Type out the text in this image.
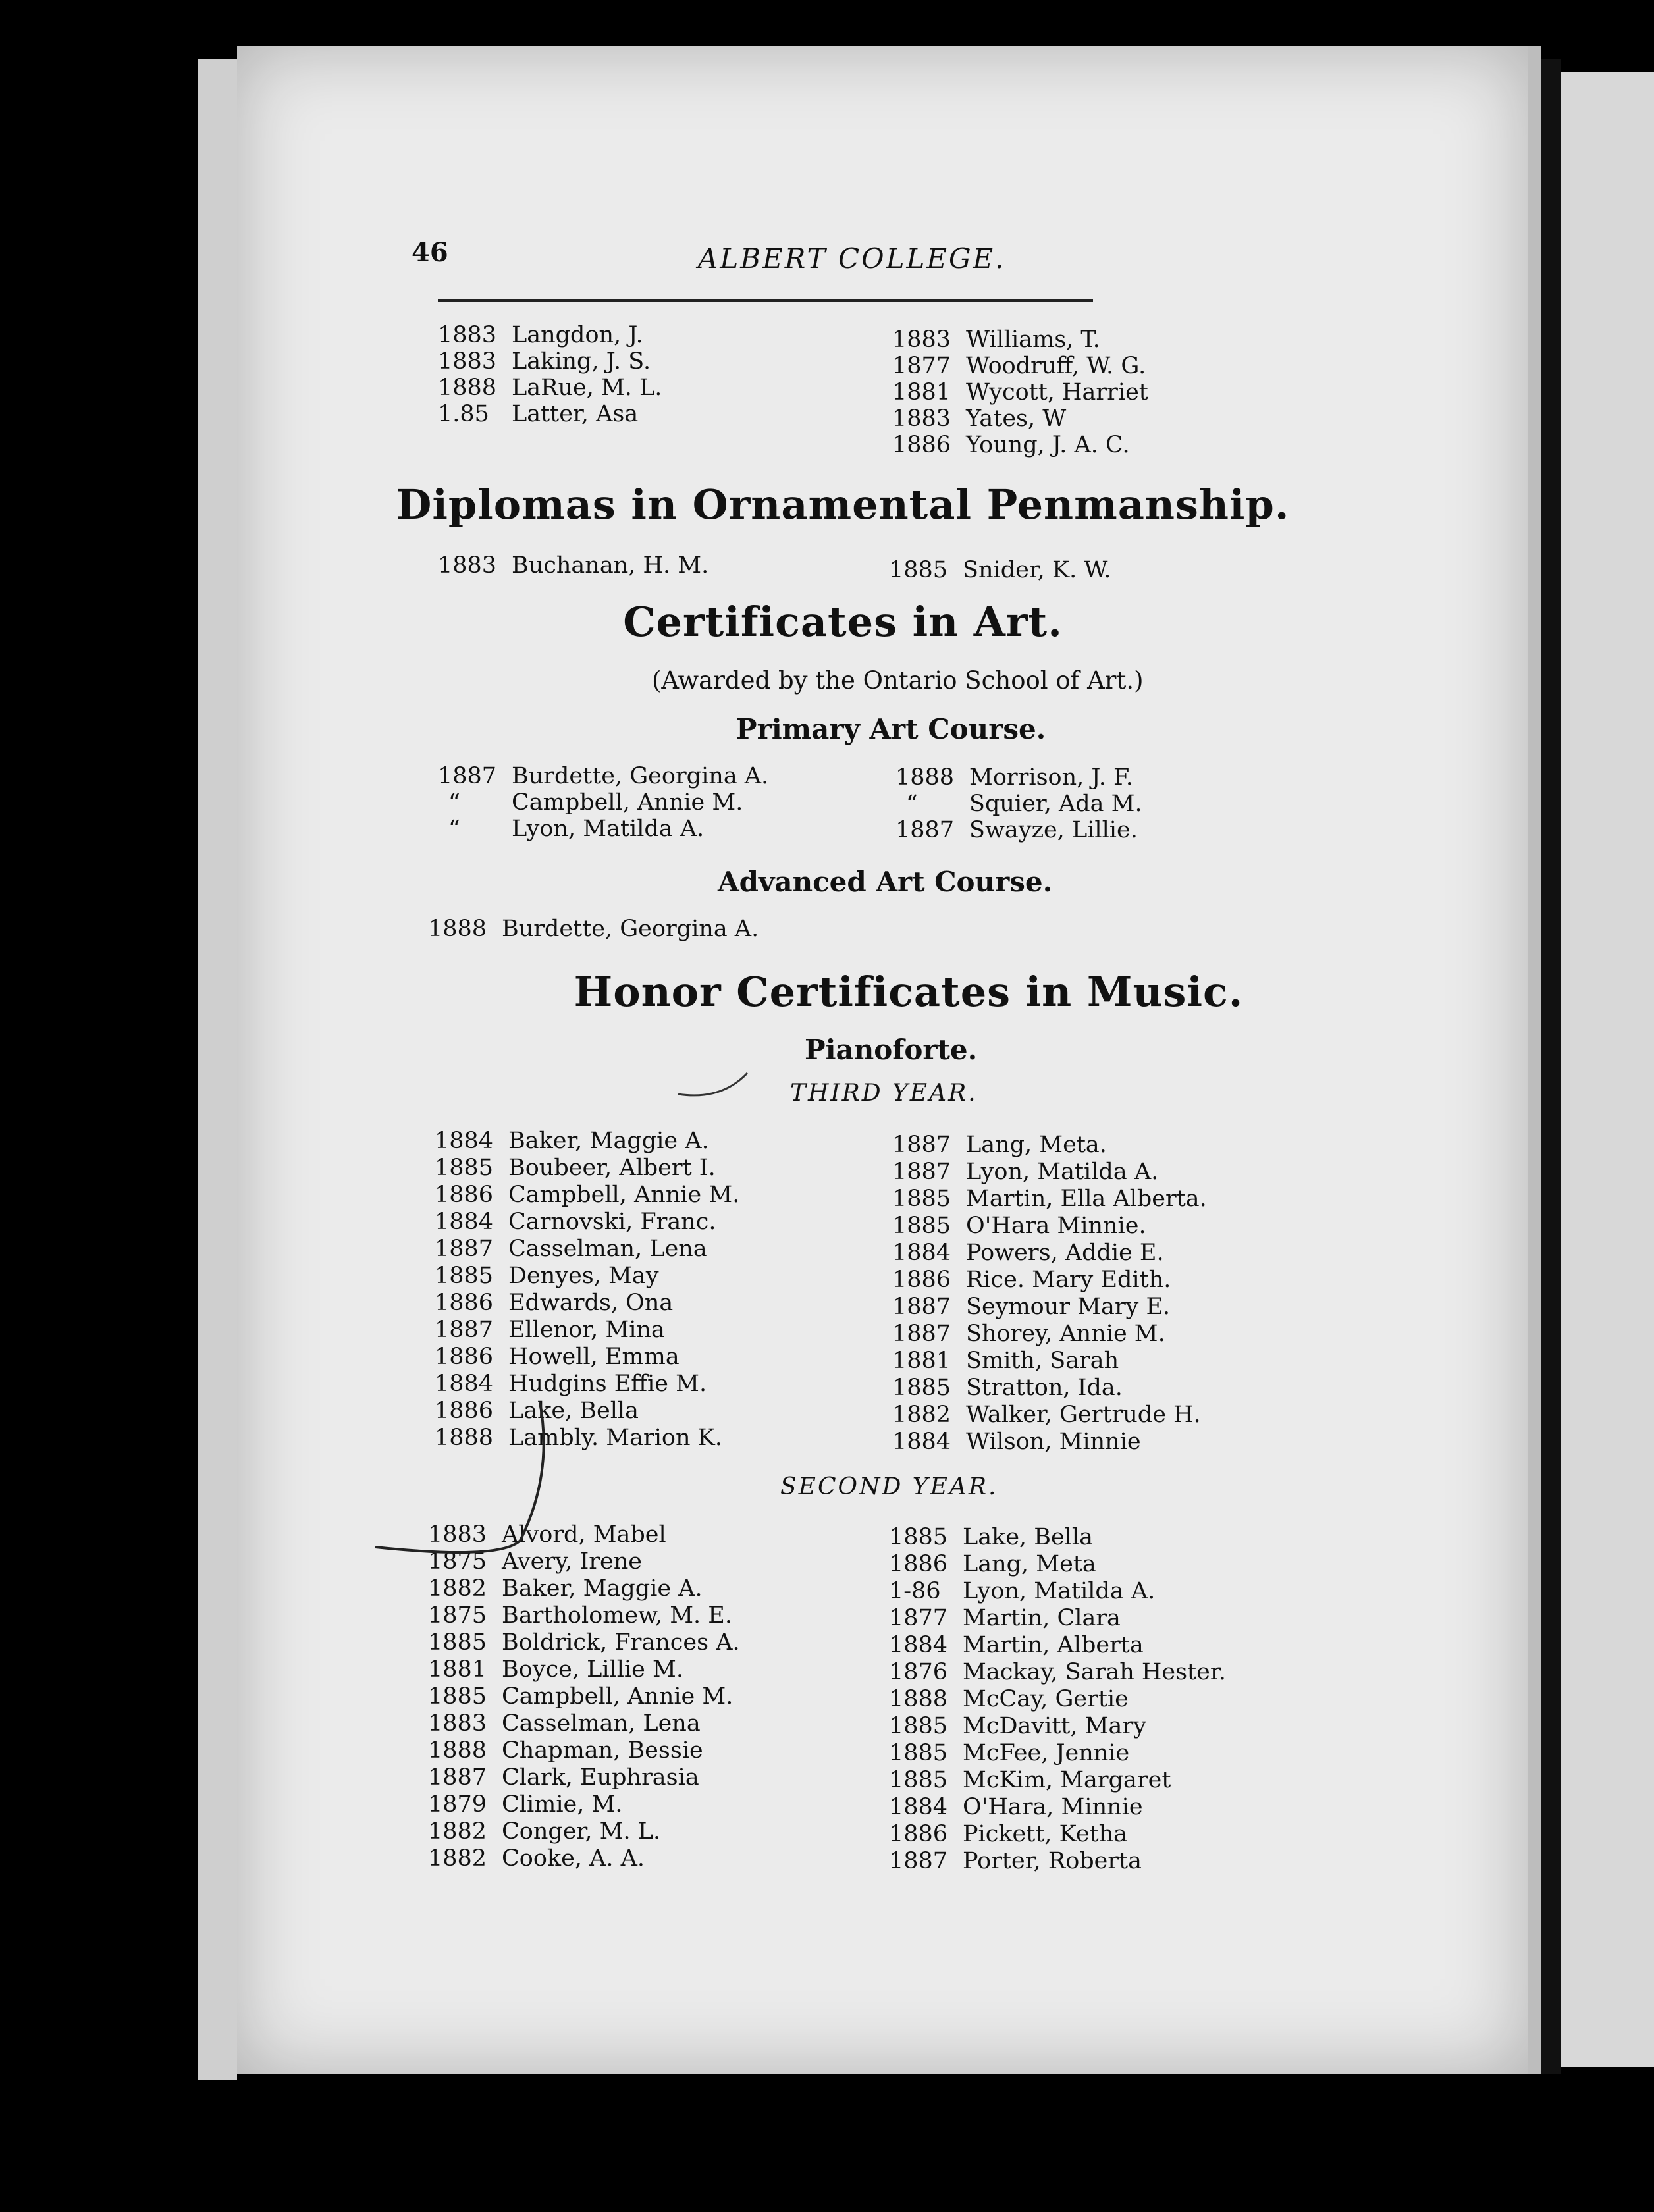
46	ALBERT COLLEGE.
1883 Langdon, J.
1883 Laking, J. S.
1888 LaRue, M. L.
1.85 Latter, Asa
1883 Williams, T.
1877 Woodruff, W. G.
1881 Wycott, Harriet
1883 Yates, W
1886 Young, J. A. C.
Diplomas in Ornamental Penmanship.
1883 Buchanan, H. M.	1885 Snider, K. W.
Certificates in Art.
(Awarded by the Ontario School of Art.)
Primary Art Course.
1887 Burdette, Georgina A.
“ Campbell, Annie M.
“ Lyon, Matilda A.
1888 Morrison, J. F.
“ Squier, Ada M.
1887 Swayze, Lillie.
Advanced Art Course.
1888 Burdette, Georgina A.
Honor Certificates in Music.
Pianoforte.
THIRD YEAR.
1884 Baker, Maggie A.
1885 Boubeer, Albert I.
1886 Campbell, Annie M.
1884 Carnovski, Franc.
1887 Casselman, Lena
1885 Denyes, May
1886 Edwards, Ona
1887 Ellenor, Mina
1886 Howell, Emma
1884 Hudgins Effie M.
1886 Lake, Bella
1888 Lambly. Marion K.
1887 Lang, Meta.
1887 Lyon, Matilda A.
1885 Martin, Ella Alberta.
1885 O'Hara Minnie.
1884 Powers, Addie E.
1886 Rice. Mary Edith.
1887 Seymour Mary E.
1887 Shorey, Annie M.
1881 Smith, Sarah
1885 Stratton, Ida.
1882 Walker, Gertrude H.
1884 Wilson, Minnie
SECOND YEAR.
1883 Alvord, Mabel
1875 Avery, Irene
1882 Baker, Maggie A.
1875 Bartholomew, M. E.
1885 Boldrick, Frances A.
1881 Boyce, Lillie M.
1885 Campbell, Annie M.
1883 Casselman, Lena
1888 Chapman, Bessie
1887 Clark, Euphrasia
1879 Climie, M.
1882 Conger, M. L.
1882 Cooke, A. A.
1885 Lake, Bella
1886 Lang, Meta
1-86 Lyon, Matilda A.
1877 Martin, Clara
1884 Martin, Alberta
1876 Mackay, Sarah Hester.
1888 McCay, Gertie
1885 McDavitt, Mary
1885 McFee, Jennie
1885 McKim, Margaret
1884 O'Hara, Minnie
1886 Pickett, Ketha
1887 Porter, Roberta
